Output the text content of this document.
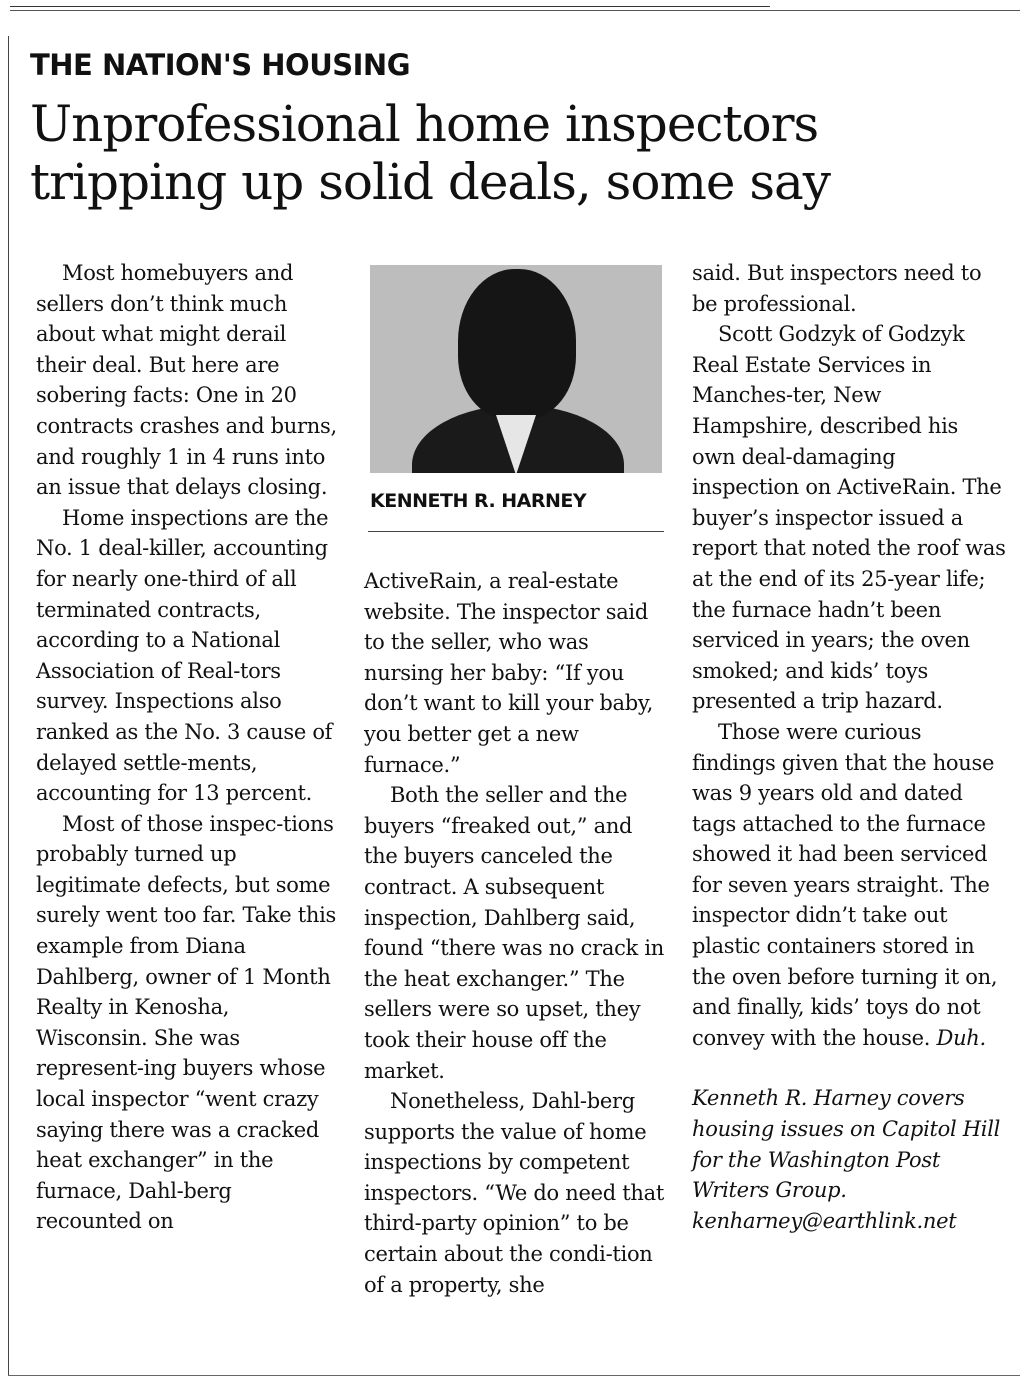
THE NATION'S HOUSING
Unprofessional home inspectors tripping up solid deals, some say

Most homebuyers and sellers don’t think much about what might derail their deal. But here are sobering facts: One in 20 contracts crashes and burns, and roughly 1 in 4 runs into an issue that delays closing.

Home inspections are the No. 1 deal-killer, accounting for nearly one-third of all terminated contracts, according to a National Association of Real-tors survey. Inspections also ranked as the No. 3 cause of delayed settle-ments, accounting for 13 percent.

Most of those inspec-tions probably turned up legitimate defects, but some surely went too far. Take this example from Diana Dahlberg, owner of 1 Month Realty in Kenosha, Wisconsin. She was represent-ing buyers whose local inspector “went crazy saying there was a cracked heat exchanger” in the furnace, Dahl-berg recounted on

KENNETH R. HARNEY

ActiveRain, a real-estate website. The inspector said to the seller, who was nursing her baby: “If you don’t want to kill your baby, you better get a new furnace.”

Both the seller and the buyers “freaked out,” and the buyers canceled the contract. A subsequent inspection, Dahlberg said, found “there was no crack in the heat exchanger.” The sellers were so upset, they took their house off the market.

Nonetheless, Dahl-berg supports the value of home inspections by competent inspectors. “We do need that third-party opinion” to be certain about the condi-tion of a property, she

said. But inspectors need to be professional.

Scott Godzyk of Godzyk Real Estate Services in Manches-ter, New Hampshire, described his own deal-damaging inspection on ActiveRain. The buyer’s inspector issued a report that noted the roof was at the end of its 25-year life; the furnace hadn’t been serviced in years; the oven smoked; and kids’ toys presented a trip hazard.

Those were curious findings given that the house was 9 years old and dated tags attached to the furnace showed it had been serviced for seven years straight. The inspector didn’t take out plastic containers stored in the oven before turning it on, and finally, kids’ toys do not convey with the house. Duh.

Kenneth R. Harney covers housing issues on Capitol Hill for the Washington Post Writers Group. kenharney@earthlink.net
